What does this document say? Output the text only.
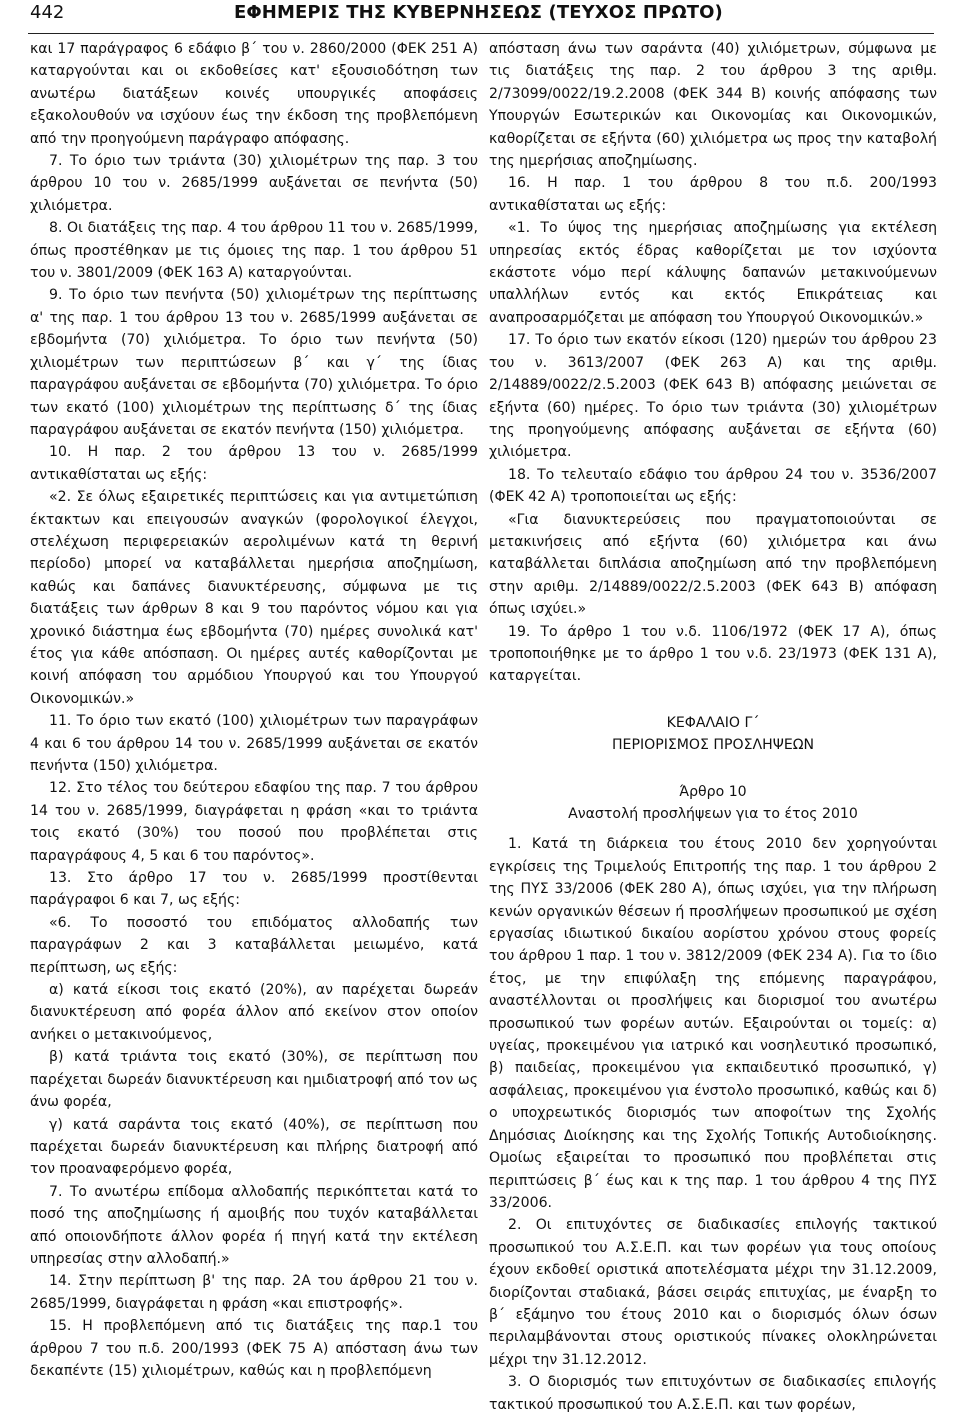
442	ΕΦΗΜΕΡΙΣ ΤΗΣ ΚΥΒΕΡΝΗΣΕΩΣ (ΤΕΥΧΟΣ ΠΡΩΤΟ)

και 17 παράγραφος 6 εδάφιο β΄ του ν. 2860/2000 (ΦΕΚ 251 Α) καταργούνται και οι εκδοθείσες κατ' εξουσιοδότηση των ανωτέρω διατάξεων κοινές υπουργικές αποφάσεις εξακολουθούν να ισχύουν έως την έκδοση της προβλεπόμενη από την προηγούμενη παράγραφο απόφασης.

7. Το όριο των τριάντα (30) χιλιομέτρων της παρ. 3 του άρθρου 10 του ν. 2685/1999 αυξάνεται σε πενήντα (50) χιλιόμετρα.

8. Οι διατάξεις της παρ. 4 του άρθρου 11 του ν. 2685/1999, όπως προστέθηκαν με τις όμοιες της παρ. 1 του άρθρου 51 του ν. 3801/2009 (ΦΕΚ 163 Α) καταργούνται.

9. Το όριο των πενήντα (50) χιλιομέτρων της περίπτωσης α' της παρ. 1 του άρθρου 13 του ν. 2685/1999 αυξάνεται σε εβδομήντα (70) χιλιόμετρα. Το όριο των πενήντα (50) χιλιομέτρων των περιπτώσεων β΄ και γ΄ της ίδιας παραγράφου αυξάνεται σε εβδομήντα (70) χιλιόμετρα. Το όριο των εκατό (100) χιλιομέτρων της περίπτωσης δ΄ της ίδιας παραγράφου αυξάνεται σε εκατόν πενήντα (150) χιλιόμετρα.

10. Η παρ. 2 του άρθρου 13 του ν. 2685/1999 αντικαθίσταται ως εξής:

«2. Σε όλως εξαιρετικές περιπτώσεις και για αντιμετώπιση έκτακτων και επειγουσών αναγκών (φορολογικοί έλεγχοι, στελέχωση περιφερειακών αερολιμένων κατά τη θερινή περίοδο) μπορεί να καταβάλλεται ημερήσια αποζημίωση, καθώς και δαπάνες διανυκτέρευσης, σύμφωνα με τις διατάξεις των άρθρων 8 και 9 του παρόντος νόμου και για χρονικό διάστημα έως εβδομήντα (70) ημέρες συνολικά κατ' έτος για κάθε απόσπαση. Οι ημέρες αυτές καθορίζονται με κοινή απόφαση του αρμόδιου Υπουργού και του Υπουργού Οικονομικών.»

11. Το όριο των εκατό (100) χιλιομέτρων των παραγράφων 4 και 6 του άρθρου 14 του ν. 2685/1999 αυξάνεται σε εκατόν πενήντα (150) χιλιόμετρα.

12. Στο τέλος του δεύτερου εδαφίου της παρ. 7 του άρθρου 14 του ν. 2685/1999, διαγράφεται η φράση «και το τριάντα τοις εκατό (30%) του ποσού που προβλέπεται στις παραγράφους 4, 5 και 6 του παρόντος».

13. Στο άρθρο 17 του ν. 2685/1999 προστίθενται παράγραφοι 6 και 7, ως εξής:

«6. Το ποσοστό του επιδόματος αλλοδαπής των παραγράφων 2 και 3 καταβάλλεται μειωμένο, κατά περίπτωση, ως εξής:

α) κατά είκοσι τοις εκατό (20%), αν παρέχεται δωρεάν διανυκτέρευση από φορέα άλλον από εκείνον στον οποίον ανήκει ο μετακινούμενος,

β) κατά τριάντα τοις εκατό (30%), σε περίπτωση που παρέχεται δωρεάν διανυκτέρευση και ημιδιατροφή από τον ως άνω φορέα,

γ) κατά σαράντα τοις εκατό (40%), σε περίπτωση που παρέχεται δωρεάν διανυκτέρευση και πλήρης διατροφή από τον προαναφερόμενο φορέα,

7. Το ανωτέρω επίδομα αλλοδαπής περικόπτεται κατά το ποσό της αποζημίωσης ή αμοιβής που τυχόν καταβάλλεται από οποιονδήποτε άλλον φορέα ή πηγή κατά την εκτέλεση υπηρεσίας στην αλλοδαπή.»

14. Στην περίπτωση β' της παρ. 2Α του άρθρου 21 του ν. 2685/1999, διαγράφεται η φράση «και επιστροφής».

15. Η προβλεπόμενη από τις διατάξεις της παρ.1 του άρθρου 7 του π.δ. 200/1993 (ΦΕΚ 75 Α) απόσταση άνω των δεκαπέντε (15) χιλιομέτρων, καθώς και η προβλεπόμενη

απόσταση άνω των σαράντα (40) χιλιόμετρων, σύμφωνα με τις διατάξεις της παρ. 2 του άρθρου 3 της αριθμ. 2/73099/0022/19.2.2008 (ΦΕΚ 344 Β) κοινής απόφασης των Υπουργών Εσωτερικών και Οικονομίας και Οικονομικών, καθορίζεται σε εξήντα (60) χιλιόμετρα ως προς την καταβολή της ημερήσιας αποζημίωσης.

16. Η παρ. 1 του άρθρου 8 του π.δ. 200/1993 αντικαθίσταται ως εξής:

«1. Το ύψος της ημερήσιας αποζημίωσης για εκτέλεση υπηρεσίας εκτός έδρας καθορίζεται με τον ισχύοντα εκάστοτε νόμο περί κάλυψης δαπανών μετακινούμενων υπαλλήλων εντός και εκτός Επικράτειας και αναπροσαρμόζεται με απόφαση του Υπουργού Οικονομικών.»

17. Το όριο των εκατόν είκοσι (120) ημερών του άρθρου 23 του ν. 3613/2007 (ΦΕΚ 263 Α) και της αριθμ. 2/14889/0022/2.5.2003 (ΦΕΚ 643 Β) απόφασης μειώνεται σε εξήντα (60) ημέρες. Το όριο των τριάντα (30) χιλιομέτρων της προηγούμενης απόφασης αυξάνεται σε εξήντα (60) χιλιόμετρα.

18. Το τελευταίο εδάφιο του άρθρου 24 του ν. 3536/2007 (ΦΕΚ 42 Α) τροποποιείται ως εξής:

«Για διανυκτερεύσεις που πραγματοποιούνται σε μετακινήσεις από εξήντα (60) χιλιόμετρα και άνω καταβάλλεται διπλάσια αποζημίωση από την προβλεπόμενη στην αριθμ. 2/14889/0022/2.5.2003 (ΦΕΚ 643 Β) απόφαση όπως ισχύει.»

19. Το άρθρο 1 του ν.δ. 1106/1972 (ΦΕΚ 17 Α), όπως τροποποιήθηκε με το άρθρο 1 του ν.δ. 23/1973 (ΦΕΚ 131 Α), καταργείται.

ΚΕΦΑΛΑΙΟ Γ΄

ΠΕΡΙΟΡΙΣΜΟΣ ΠΡΟΣΛΗΨΕΩΝ

Άρθρο 10

Αναστολή προσλήψεων για το έτος 2010

1. Κατά τη διάρκεια του έτους 2010 δεν χορηγούνται εγκρίσεις της Τριμελούς Επιτροπής της παρ. 1 του άρθρου 2 της ΠΥΣ 33/2006 (ΦΕΚ 280 Α), όπως ισχύει, για την πλήρωση κενών οργανικών θέσεων ή προσλήψεων προσωπικού με σχέση εργασίας ιδιωτικού δικαίου αορίστου χρόνου στους φορείς του άρθρου 1 παρ. 1 του ν. 3812/2009 (ΦΕΚ 234 Α). Για το ίδιο έτος, με την επιφύλαξη της επόμενης παραγράφου, αναστέλλονται οι προσλήψεις και διορισμοί του ανωτέρω προσωπικού των φορέων αυτών. Εξαιρούνται οι τομείς: α) υγείας, προκειμένου για ιατρικό και νοσηλευτικό προσωπικό, β) παιδείας, προκειμένου για εκπαιδευτικό προσωπικό, γ) ασφάλειας, προκειμένου για ένστολο προσωπικό, καθώς και δ) ο υποχρεωτικός διορισμός των αποφοίτων της Σχολής Δημόσιας Διοίκησης και της Σχολής Τοπικής Αυτοδιοίκησης. Ομοίως εξαιρείται το προσωπικό που προβλέπεται στις περιπτώσεις β΄ έως και κ της παρ. 1 του άρθρου 4 της ΠΥΣ 33/2006.

2. Οι επιτυχόντες σε διαδικασίες επιλογής τακτικού προσωπικού του Α.Σ.Ε.Π. και των φορέων για τους οποίους έχουν εκδοθεί οριστικά αποτελέσματα μέχρι την 31.12.2009, διορίζονται σταδιακά, βάσει σειράς επιτυχίας, με έναρξη το β΄ εξάμηνο του έτους 2010 και ο διορισμός όλων όσων περιλαμβάνονται στους οριστικούς πίνακες ολοκληρώνεται μέχρι την 31.12.2012.

3. Ο διορισμός των επιτυχόντων σε διαδικασίες επιλογής τακτικού προσωπικού του Α.Σ.Ε.Π. και των φορέων,
